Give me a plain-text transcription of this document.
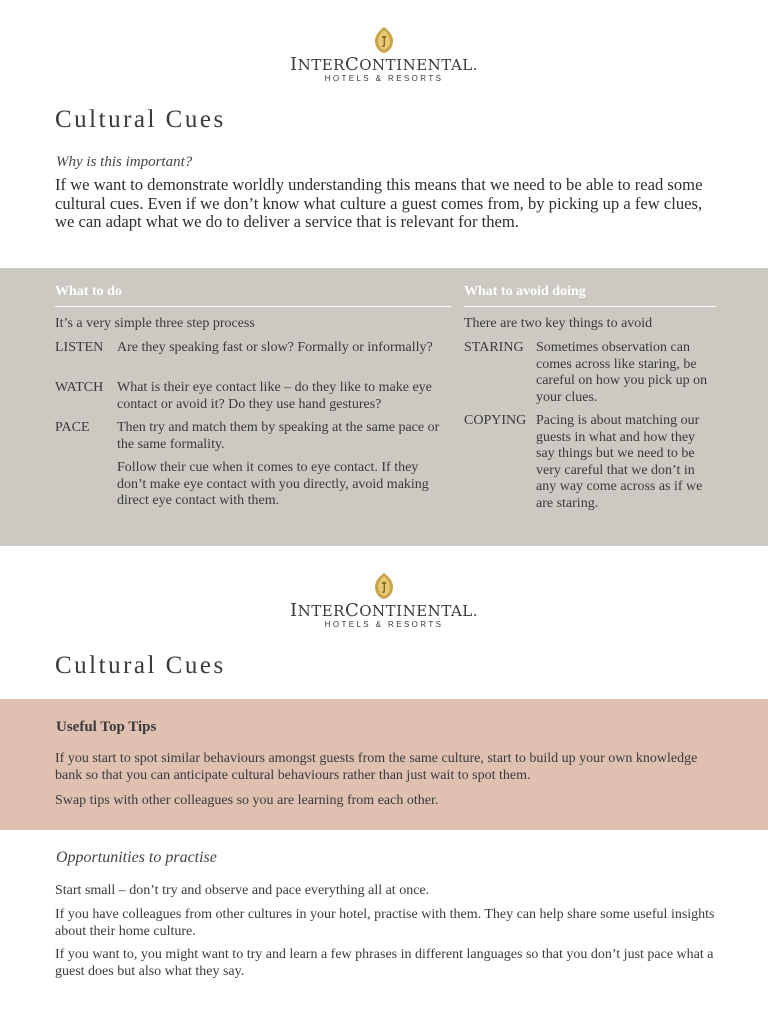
INTERCONTINENTAL.
HOTELS & RESORTS
Cultural Cues
Why is this important?

If we want to demonstrate worldly understanding this means that we need to be able to read some cultural cues. Even if we don’t know what culture a guest comes from, by picking up a few clues, we can adapt what we do to deliver a service that is relevant for them.

What to do	What to avoid doing
It’s a very simple three step process
LISTEN Are they speaking fast or slow? Formally or informally?
WATCH What is their eye contact like – do they like to make eye contact or avoid it? Do they use hand gestures?
PACE Then try and match them by speaking at the same pace or the same formality.
Follow their cue when it comes to eye contact. If they don’t make eye contact with you directly, avoid making direct eye contact with them.
There are two key things to avoid
STARING Sometimes observation can comes across like staring, be careful on how you pick up on your clues.
COPYING Pacing is about matching our guests in what and how they say things but we need to be very careful that we don’t in any way come across as if we are staring.
INTERCONTINENTAL.
HOTELS & RESORTS
Cultural Cues
Useful Top Tips

If you start to spot similar behaviours amongst guests from the same culture, start to build up your own knowledge bank so that you can anticipate cultural behaviours rather than just wait to spot them.

Swap tips with other colleagues so you are learning from each other.

Opportunities to practise

Start small – don’t try and observe and pace everything all at once.

If you have colleagues from other cultures in your hotel, practise with them. They can help share some useful insights about their home culture.

If you want to, you might want to try and learn a few phrases in different languages so that you don’t just pace what a guest does but also what they say.
